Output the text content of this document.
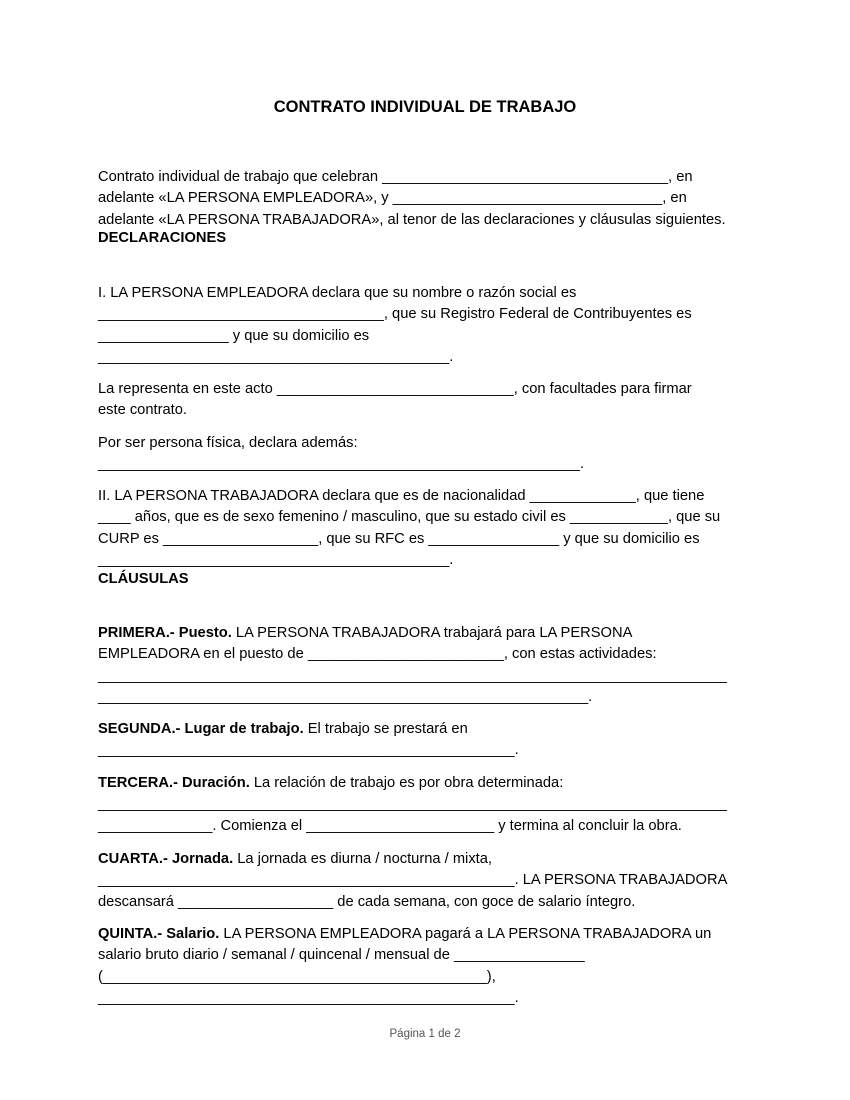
CONTRATO INDIVIDUAL DE TRABAJO

Contrato individual de trabajo que celebran ___________________________________, en
adelante «LA PERSONA EMPLEADORA», y _________________________________, en
adelante «LA PERSONA TRABAJADORA», al tenor de las declaraciones y cláusulas siguientes.
DECLARACIONES

I. LA PERSONA EMPLEADORA declara que su nombre o razón social es
___________________________________, que su Registro Federal de Contribuyentes es
________________ y que su domicilio es
___________________________________________.

La representa en este acto _____________________________, con facultades para firmar
este contrato.

Por ser persona física, declara además:
___________________________________________________________.

II. LA PERSONA TRABAJADORA declara que es de nacionalidad _____________, que tiene
____ años, que es de sexo femenino / masculino, que su estado civil es ____________, que su
CURP es ___________________, que su RFC es ________________ y que su domicilio es
___________________________________________.
CLÁUSULAS

PRIMERA.- Puesto. LA PERSONA TRABAJADORA trabajará para LA PERSONA
EMPLEADORA en el puesto de ________________________, con estas actividades:
_____________________________________________________________________________
____________________________________________________________.

SEGUNDA.- Lugar de trabajo. El trabajo se prestará en
___________________________________________________.

TERCERA.- Duración. La relación de trabajo es por obra determinada:
_____________________________________________________________________________
______________. Comienza el _______________________ y termina al concluir la obra.

CUARTA.- Jornada. La jornada es diurna / nocturna / mixta,
___________________________________________________. LA PERSONA TRABAJADORA
descansará ___________________ de cada semana, con goce de salario íntegro.

QUINTA.- Salario. LA PERSONA EMPLEADORA pagará a LA PERSONA TRABAJADORA un
salario bruto diario / semanal / quincenal / mensual de ________________
(_______________________________________________),
___________________________________________________.
Página 1 de 2
